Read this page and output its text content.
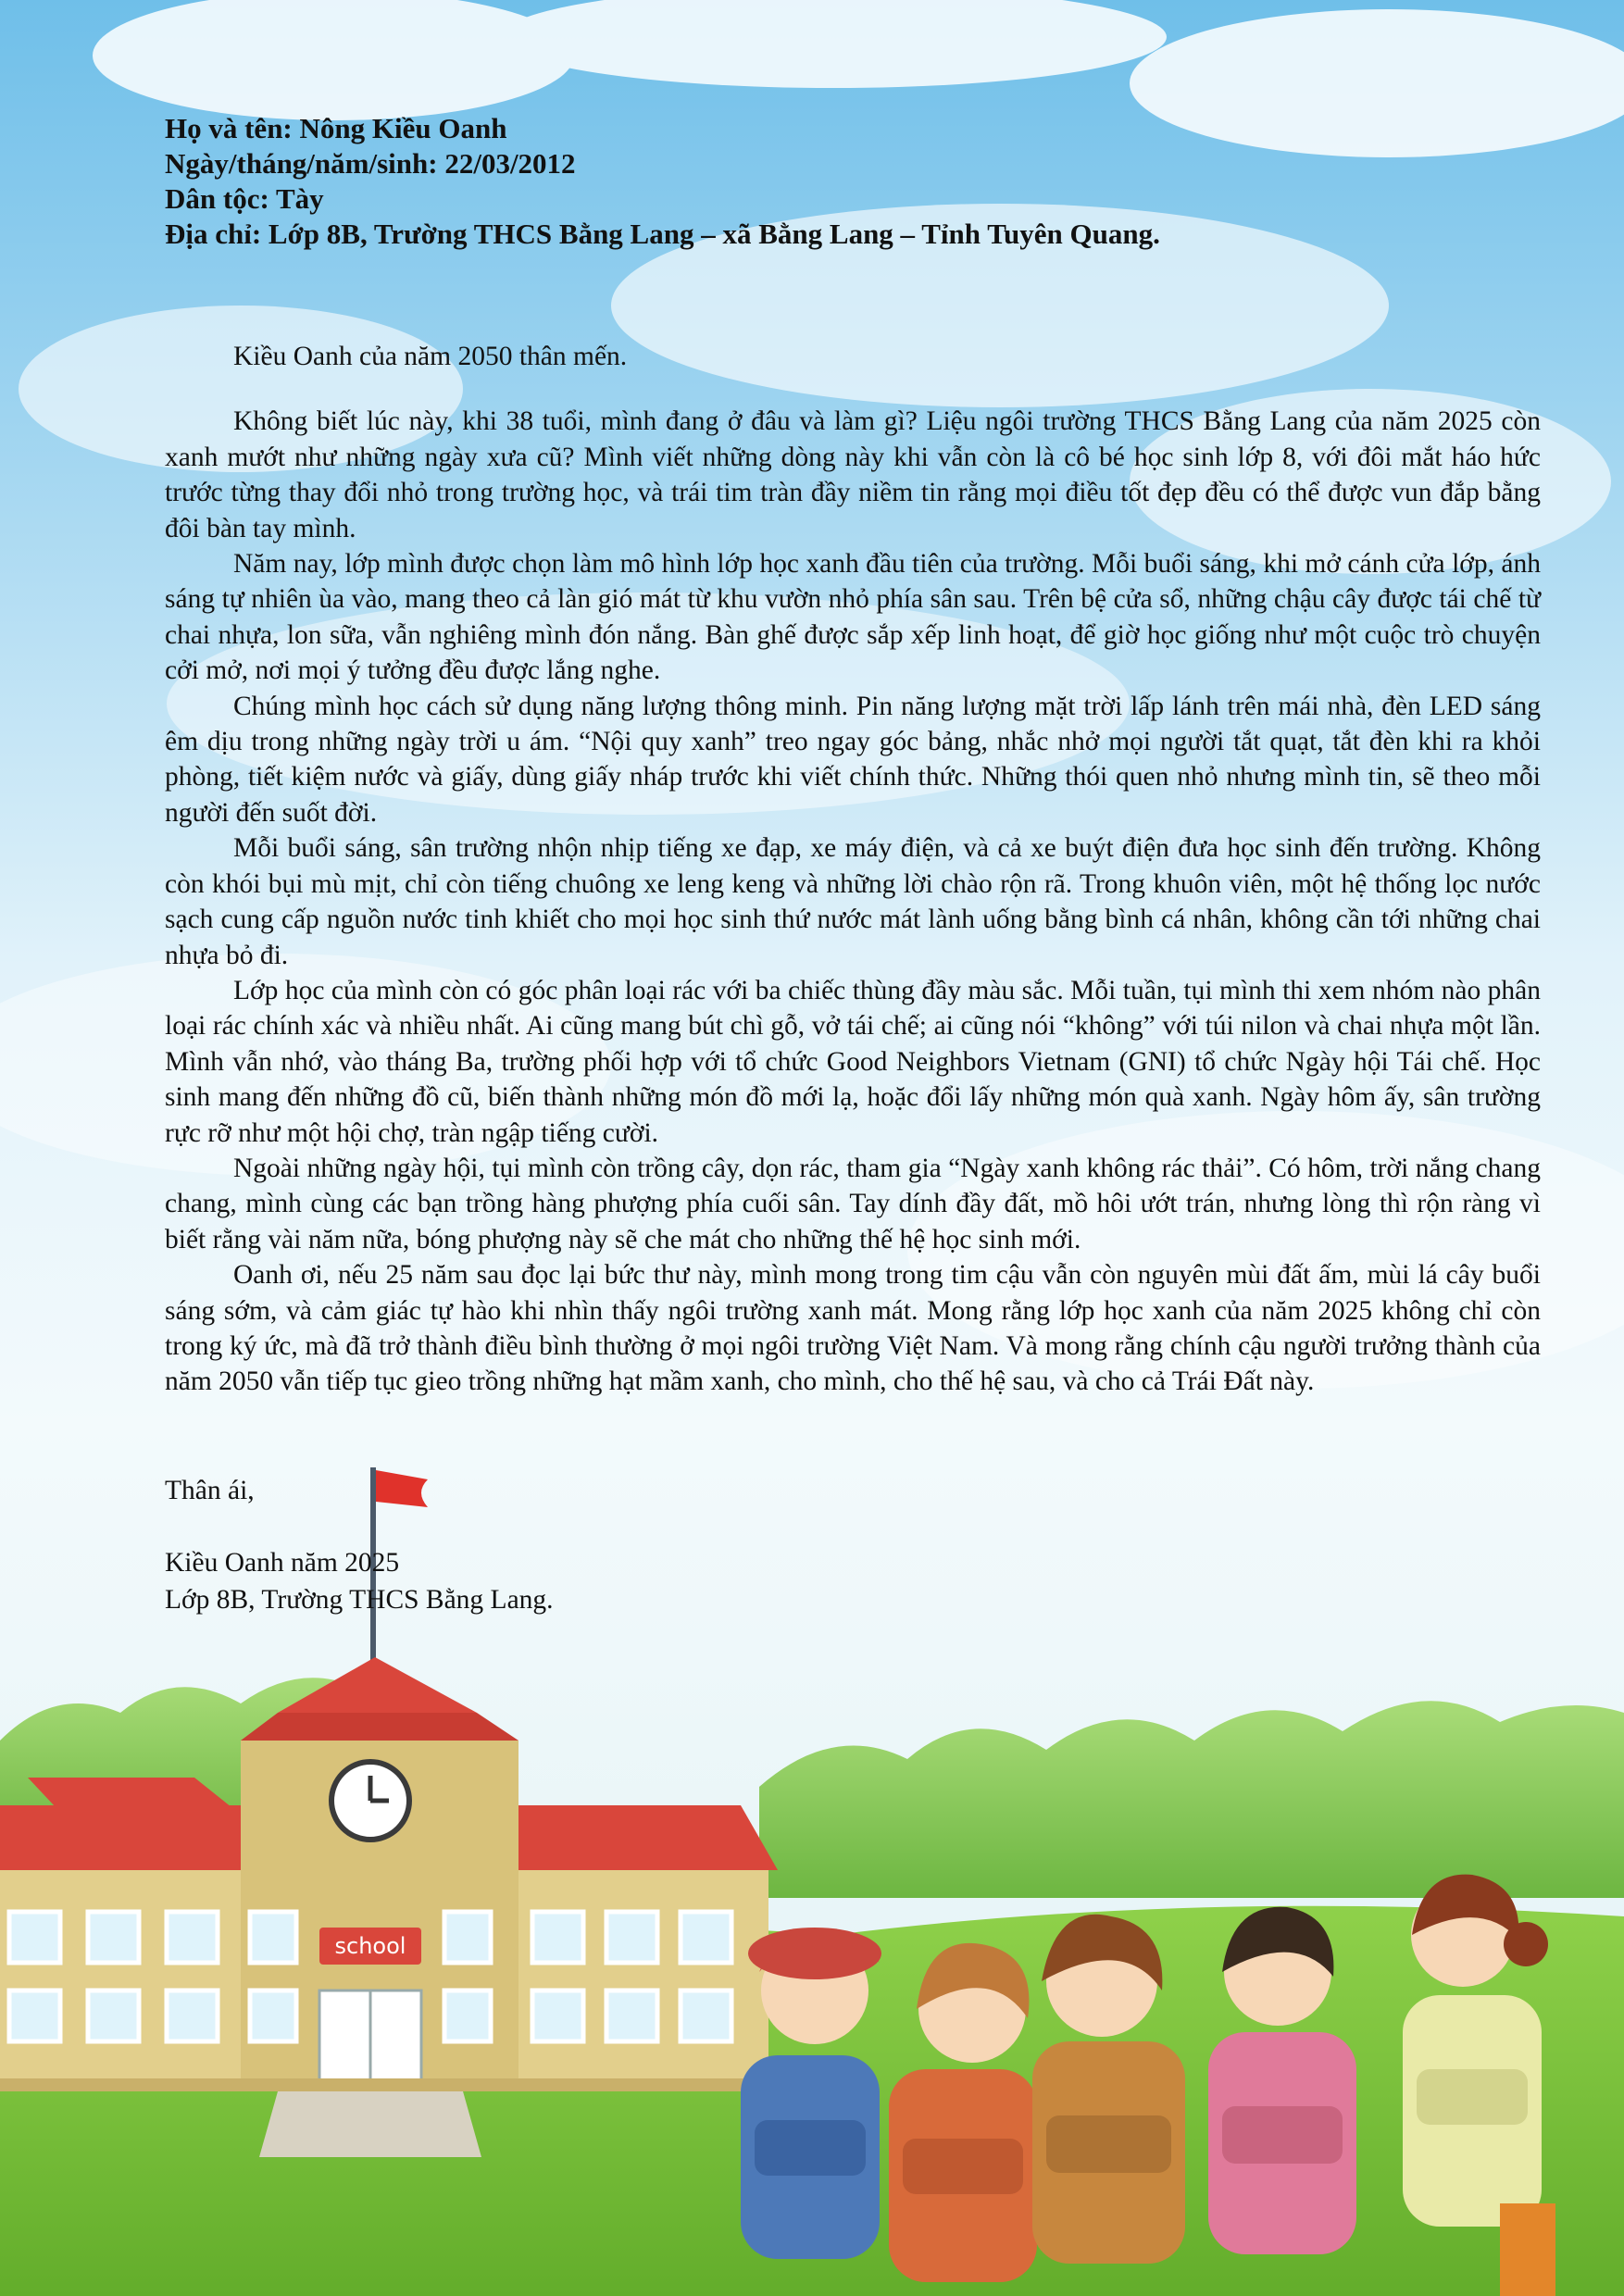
school
Họ và tên: Nông Kiều Oanh
Ngày/tháng/năm/sinh: 22/03/2012
Dân tộc: Tày
Địa chỉ: Lớp 8B, Trường THCS Bằng Lang – xã Bằng Lang – Tỉnh Tuyên Quang.

Kiều Oanh của năm 2050 thân mến.

Không biết lúc này, khi 38 tuổi, mình đang ở đâu và làm gì? Liệu ngôi trường THCS Bằng Lang của năm 2025 còn xanh mướt như những ngày xưa cũ? Mình viết những dòng này khi vẫn còn là cô bé học sinh lớp 8, với đôi mắt háo hức trước từng thay đổi nhỏ trong trường học, và trái tim tràn đầy niềm tin rằng mọi điều tốt đẹp đều có thể được vun đắp bằng đôi bàn tay mình.

Năm nay, lớp mình được chọn làm mô hình lớp học xanh đầu tiên của trường. Mỗi buổi sáng, khi mở cánh cửa lớp, ánh sáng tự nhiên ùa vào, mang theo cả làn gió mát từ khu vườn nhỏ phía sân sau. Trên bệ cửa sổ, những chậu cây được tái chế từ chai nhựa, lon sữa, vẫn nghiêng mình đón nắng. Bàn ghế được sắp xếp linh hoạt, để giờ học giống như một cuộc trò chuyện cởi mở, nơi mọi ý tưởng đều được lắng nghe.

Chúng mình học cách sử dụng năng lượng thông minh. Pin năng lượng mặt trời lấp lánh trên mái nhà, đèn LED sáng êm dịu trong những ngày trời u ám. “Nội quy xanh” treo ngay góc bảng, nhắc nhở mọi người tắt quạt, tắt đèn khi ra khỏi phòng, tiết kiệm nước và giấy, dùng giấy nháp trước khi viết chính thức. Những thói quen nhỏ nhưng mình tin, sẽ theo mỗi người đến suốt đời.

Mỗi buổi sáng, sân trường nhộn nhịp tiếng xe đạp, xe máy điện, và cả xe buýt điện đưa học sinh đến trường. Không còn khói bụi mù mịt, chỉ còn tiếng chuông xe leng keng và những lời chào rộn rã. Trong khuôn viên, một hệ thống lọc nước sạch cung cấp nguồn nước tinh khiết cho mọi học sinh thứ nước mát lành uống bằng bình cá nhân, không cần tới những chai nhựa bỏ đi.

Lớp học của mình còn có góc phân loại rác với ba chiếc thùng đầy màu sắc. Mỗi tuần, tụi mình thi xem nhóm nào phân loại rác chính xác và nhiều nhất. Ai cũng mang bút chì gỗ, vở tái chế; ai cũng nói “không” với túi nilon và chai nhựa một lần. Mình vẫn nhớ, vào tháng Ba, trường phối hợp với tổ chức Good Neighbors Vietnam (GNI) tổ chức Ngày hội Tái chế. Học sinh mang đến những đồ cũ, biến thành những món đồ mới lạ, hoặc đổi lấy những món quà xanh. Ngày hôm ấy, sân trường rực rỡ như một hội chợ, tràn ngập tiếng cười.

Ngoài những ngày hội, tụi mình còn trồng cây, dọn rác, tham gia “Ngày xanh không rác thải”. Có hôm, trời nắng chang chang, mình cùng các bạn trồng hàng phượng phía cuối sân. Tay dính đầy đất, mồ hôi ướt trán, nhưng lòng thì rộn ràng vì biết rằng vài năm nữa, bóng phượng này sẽ che mát cho những thế hệ học sinh mới.

Oanh ơi, nếu 25 năm sau đọc lại bức thư này, mình mong trong tim cậu vẫn còn nguyên mùi đất ấm, mùi lá cây buổi sáng sớm, và cảm giác tự hào khi nhìn thấy ngôi trường xanh mát. Mong rằng lớp học xanh của năm 2025 không chỉ còn trong ký ức, mà đã trở thành điều bình thường ở mọi ngôi trường Việt Nam. Và mong rằng chính cậu người trưởng thành của năm 2050 vẫn tiếp tục gieo trồng những hạt mầm xanh, cho mình, cho thế hệ sau, và cho cả Trái Đất này.

Thân ái,
Kiều Oanh năm 2025
Lớp 8B, Trường THCS Bằng Lang.
